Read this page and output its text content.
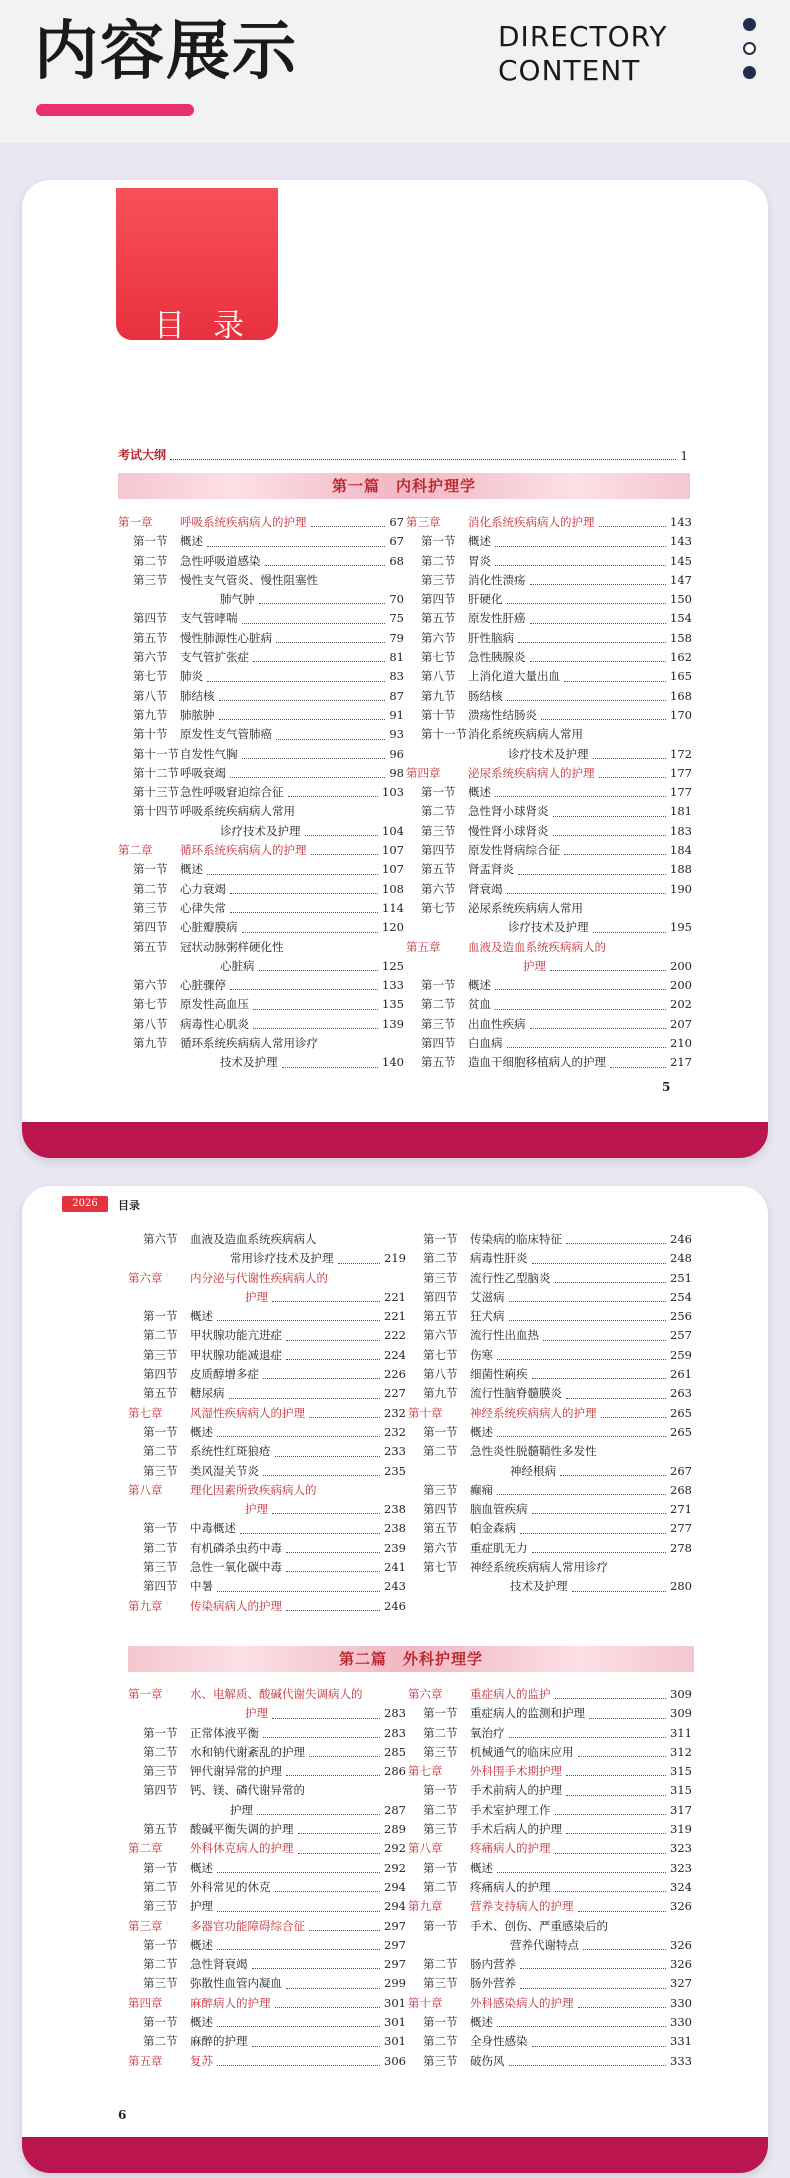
内容展示	DIRECTORY
CONTENT
目录
考试大纲	1
第一篇　内科护理学
第一章	呼吸系统疾病病人的护理	67
第一节	概述	67
第二节	急性呼吸道感染	68
第三节	慢性支气管炎、慢性阻塞性
肺气肿	70
第四节	支气管哮喘	75
第五节	慢性肺源性心脏病	79
第六节	支气管扩张症	81
第七节	肺炎	83
第八节	肺结核	87
第九节	肺脓肿	91
第十节	原发性支气管肺癌	93
第十一节 自发性气胸	96
第十二节 呼吸衰竭	98
第十三节 急性呼吸窘迫综合征	103
第十四节 呼吸系统疾病病人常用
诊疗技术及护理	104
第二章	循环系统疾病病人的护理	107
第一节	概述	107
第二节	心力衰竭	108
第三节	心律失常	114
第四节	心脏瓣膜病	120
第五节	冠状动脉粥样硬化性
心脏病	125
第六节	心脏骤停	133
第七节	原发性高血压	135
第八节	病毒性心肌炎	139
第九节	循环系统疾病病人常用诊疗
技术及护理	140
第三章	消化系统疾病病人的护理	143
第一节	概述	143
第二节	胃炎	145
第三节	消化性溃疡	147
第四节	肝硬化	150
第五节	原发性肝癌	154
第六节	肝性脑病	158
第七节	急性胰腺炎	162
第八节	上消化道大量出血	165
第九节	肠结核	168
第十节	溃疡性结肠炎	170
第十一节 消化系统疾病病人常用
诊疗技术及护理	172
第四章	泌尿系统疾病病人的护理	177
第一节	概述	177
第二节	急性肾小球肾炎	181
第三节	慢性肾小球肾炎	183
第四节	原发性肾病综合征	184
第五节	肾盂肾炎	188
第六节	肾衰竭	190
第七节	泌尿系统疾病病人常用
诊疗技术及护理	195
第五章	血液及造血系统疾病病人的
护理	200
第一节	概述	200
第二节	贫血	202
第三节	出血性疾病	207
第四节	白血病	210
第五节	造血干细胞移植病人的护理	217
5
第六节	血液及造血系统疾病病人
常用诊疗技术及护理	219
第六章	内分泌与代谢性疾病病人的
护理	221
第一节	概述	221
第二节	甲状腺功能亢进症	222
第三节	甲状腺功能减退症	224
第四节	皮质醇增多症	226
第五节	糖尿病	227
第七章	风湿性疾病病人的护理	232
第一节	概述	232
第二节	系统性红斑狼疮	233
第三节	类风湿关节炎	235
第八章	理化因素所致疾病病人的
护理	238
第一节	中毒概述	238
第二节	有机磷杀虫药中毒	239
第三节	急性一氧化碳中毒	241
第四节	中暑	243
第九章	传染病病人的护理	246
第一节	传染病的临床特征	246
第二节	病毒性肝炎	248
第三节	流行性乙型脑炎	251
第四节	艾滋病	254
第五节	狂犬病	256
第六节	流行性出血热	257
第七节	伤寒	259
第八节	细菌性痢疾	261
第九节	流行性脑脊髓膜炎	263
第十章	神经系统疾病病人的护理	265
第一节	概述	265
第二节	急性炎性脱髓鞘性多发性
神经根病	267
第三节	癫痫	268
第四节	脑血管疾病	271
第五节	帕金森病	277
第六节	重症肌无力	278
第七节	神经系统疾病病人常用诊疗
技术及护理	280
第二篇　外科护理学
第一章	水、电解质、酸碱代谢失调病人的
护理	283
第一节	正常体液平衡	283
第二节	水和钠代谢紊乱的护理	285
第三节	钾代谢异常的护理	286
第四节	钙、镁、磷代谢异常的
护理	287
第五节	酸碱平衡失调的护理	289
第二章	外科休克病人的护理	292
第一节	概述	292
第二节	外科常见的休克	294
第三节	护理	294
第三章	多器官功能障碍综合征	297
第一节	概述	297
第二节	急性肾衰竭	297
第三节	弥散性血管内凝血	299
第四章	麻醉病人的护理	301
第一节	概述	301
第二节	麻醉的护理	301
第五章	复苏	306
第六章	重症病人的监护	309
第一节	重症病人的监测和护理	309
第二节	氧治疗	311
第三节	机械通气的临床应用	312
第七章	外科围手术期护理	315
第一节	手术前病人的护理	315
第二节	手术室护理工作	317
第三节	手术后病人的护理	319
第八章	疼痛病人的护理	323
第一节	概述	323
第二节	疼痛病人的护理	324
第九章	营养支持病人的护理	326
第一节	手术、创伤、严重感染后的
营养代谢特点	326
第二节	肠内营养	326
第三节	肠外营养	327
第十章	外科感染病人的护理	330
第一节	概述	330
第二节	全身性感染	331
第三节	破伤风	333
6
2026	目录
